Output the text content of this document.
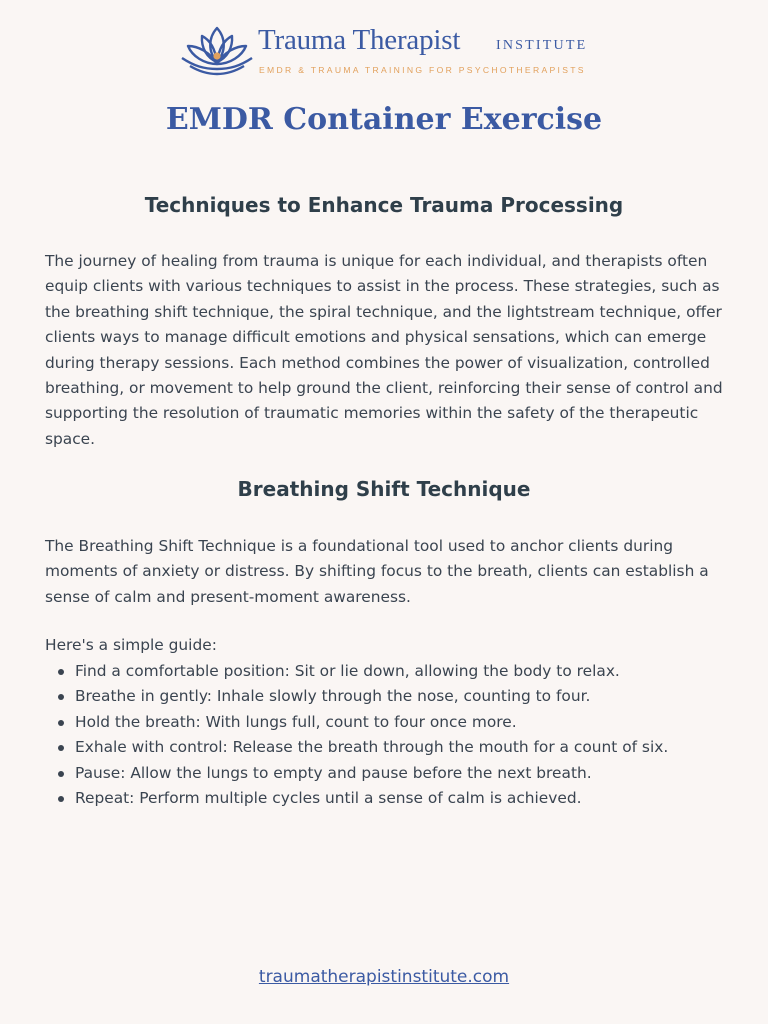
Trauma Therapist	INSTITUTE
EMDR & TRAUMA TRAINING FOR PSYCHOTHERAPISTS
EMDR Container Exercise
Techniques to Enhance Trauma Processing

The journey of healing from trauma is unique for each individual, and therapists often equip clients with various techniques to assist in the process. These strategies, such as the breathing shift technique, the spiral technique, and the lightstream technique, offer clients ways to manage difficult emotions and physical sensations, which can emerge during therapy sessions. Each method combines the power of visualization, controlled breathing, or movement to help ground the client, reinforcing their sense of control and supporting the resolution of traumatic memories within the safety of the therapeutic space.

Breathing Shift Technique

The Breathing Shift Technique is a foundational tool used to anchor clients during moments of anxiety or distress. By shifting focus to the breath, clients can establish a sense of calm and present-moment awareness.

Here's a simple guide:

Find a comfortable position: Sit or lie down, allowing the body to relax.
Breathe in gently: Inhale slowly through the nose, counting to four.
Hold the breath: With lungs full, count to four once more.
Exhale with control: Release the breath through the mouth for a count of six.
Pause: Allow the lungs to empty and pause before the next breath.
Repeat: Perform multiple cycles until a sense of calm is achieved.
traumatherapistinstitute.com
